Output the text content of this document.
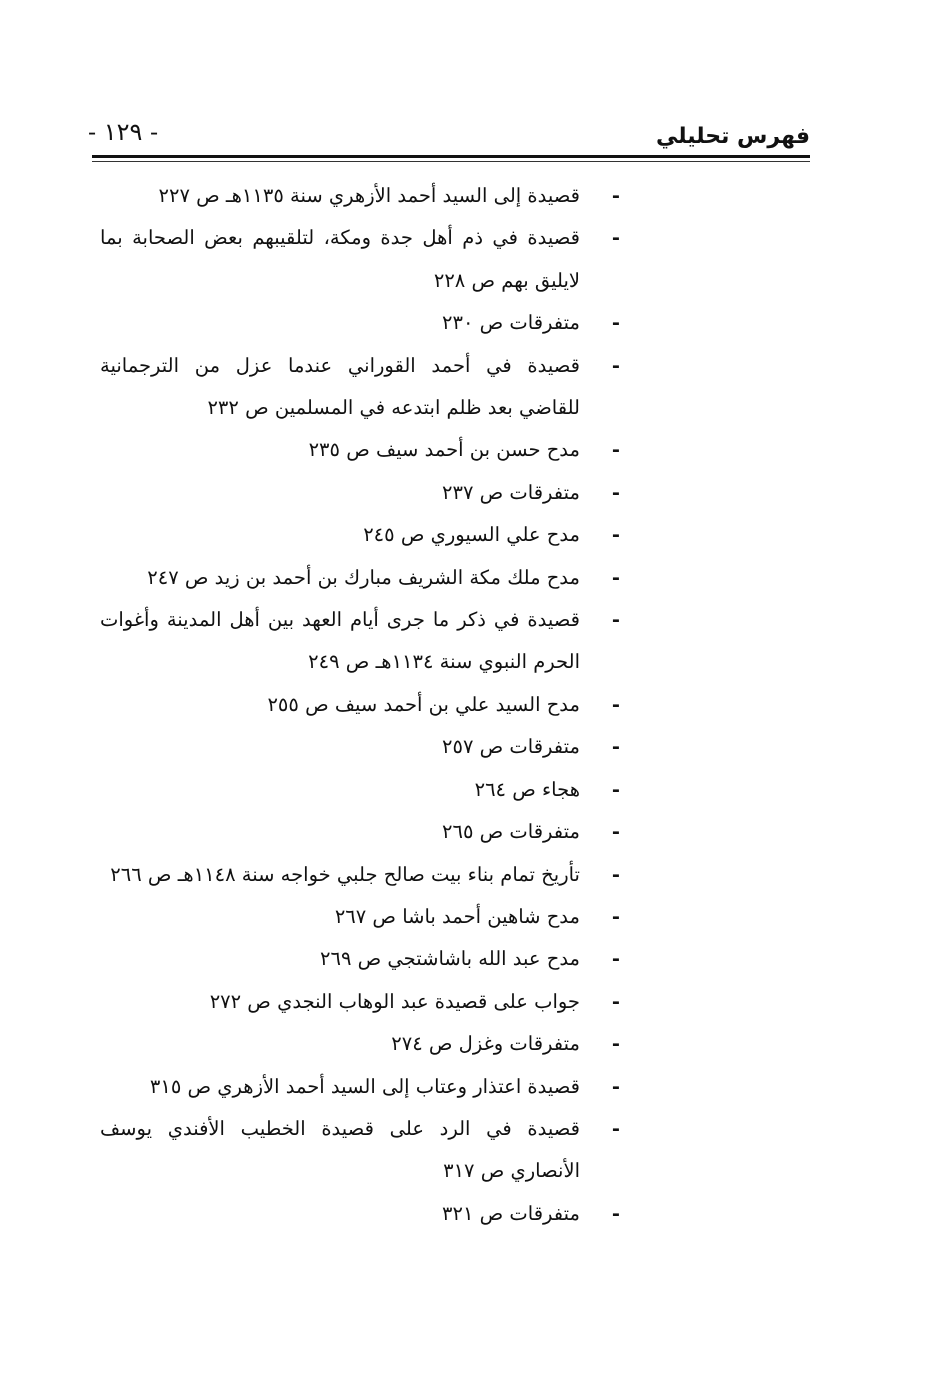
فهرس تحليلي
- ١٢٩ -
-
قصيدة إلى السيد أحمد الأزهري سنة ١١٣٥هـ ص ٢٢٧
-
قصيدة في ذم أهل جدة ومكة، لتلقيبهم بعض الصحابة بما لايليق بهم ص ٢٢٨
-
متفرقات ص ٢٣٠
-
قصيدة في أحمد القوراني عندما عزل من الترجمانية للقاضي بعد ظلم ابتدعه في المسلمين ص ٢٣٢
-
مدح حسن بن أحمد سيف ص ٢٣٥
-
متفرقات ص ٢٣٧
-
مدح علي السيوري ص ٢٤٥
-
مدح ملك مكة الشريف مبارك بن أحمد بن زيد ص ٢٤٧
-
قصيدة في ذكر ما جرى أيام العهد بين أهل المدينة وأغوات الحرم النبوي سنة ١١٣٤هـ ص ٢٤٩
-
مدح السيد علي بن أحمد سيف ص ٢٥٥
-
متفرقات ص ٢٥٧
-
هجاء ص ٢٦٤
-
متفرقات ص ٢٦٥
-
تأريخ تمام بناء بيت صالح جلبي خواجه سنة ١١٤٨هـ ص ٢٦٦
-
مدح شاهين أحمد باشا ص ٢٦٧
-
مدح عبد الله باشاشتجي ص ٢٦٩
-
جواب على قصيدة عبد الوهاب النجدي ص ٢٧٢
-
متفرقات وغزل ص ٢٧٤
-
قصيدة اعتذار وعتاب إلى السيد أحمد الأزهري ص ٣١٥
-
قصيدة في الرد على قصيدة الخطيب الأفندي يوسف الأنصاري ص ٣١٧
-
متفرقات ص ٣٢١
